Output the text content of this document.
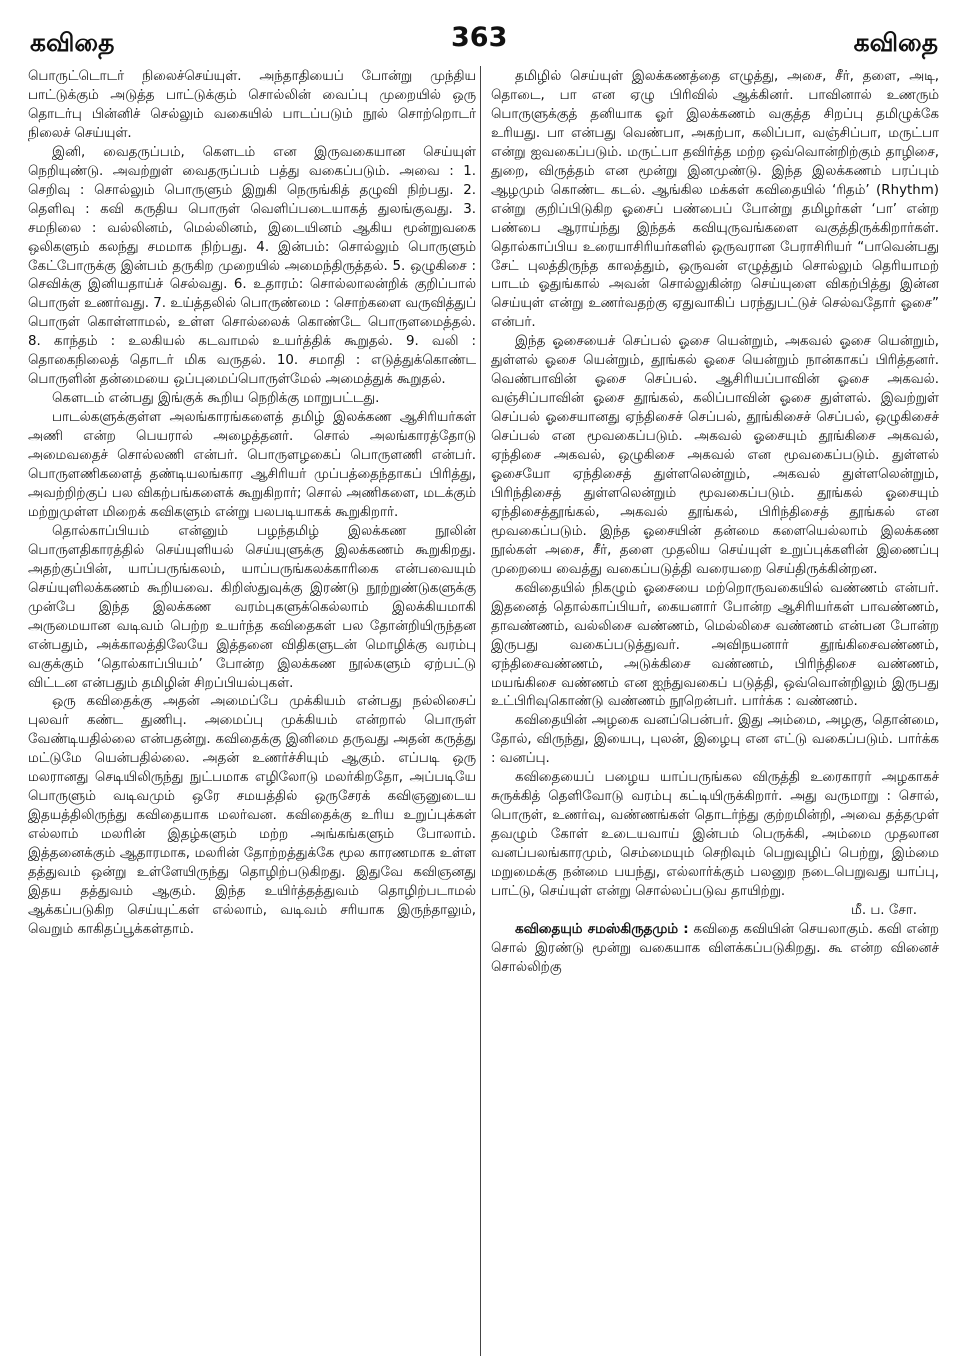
கவிதை	363	கவிதை

பொருட்டொடர் நிலைச்செய்யுள். அந்தாதியைப் போன்று முந்திய பாட்டுக்கும் அடுத்த பாட்டுக்கும் சொல்லின் வைப்பு முறையில் ஒரு தொடர்பு பின்னிச் செல்லும் வகையில் பாடப்படும் நூல் சொற்றொடர் நிலைச் செய்யுள்.

இனி, வைதருப்பம், கௌடம் என இருவகையான செய்யுள் நெறியுண்டு. அவற்றுள் வைதருப்பம் பத்து வகைப்படும். அவை : 1. செறிவு : சொல்லும் பொருளும் இறுகி நெருங்கித் தழுவி நிற்பது. 2. தெளிவு : கவி கருதிய பொருள் வெளிப்படையாகத் துலங்குவது. 3. சமநிலை : வல்லினம், மெல்லினம், இடையினம் ஆகிய மூன்றுவகை ஒலிகளும் கலந்து சமமாக நிற்பது. 4. இன்பம்: சொல்லும் பொருளும் கேட்போருக்கு இன்பம் தருகிற முறையில் அமைந்திருத்தல். 5. ஒழுகிசை : செவிக்கு இனியதாய்ச் செல்வது. 6. உதாரம்: சொல்லாலன்றிக் குறிப்பால் பொருள் உணர்வது. 7. உய்த்தலில் பொருண்மை : சொற்களை வருவித்துப் பொருள் கொள்ளாமல், உள்ள சொல்லைக் கொண்டே பொருளமைத்தல். 8. காந்தம் : உலகியல் கடவாமல் உயர்த்திக் கூறுதல். 9. வலி : தொகைநிலைத் தொடர் மிக வருதல். 10. சமாதி : எடுத்துக்கொண்ட பொருளின் தன்மையை ஒப்புமைப்பொருள்மேல் அமைத்துக் கூறுதல்.

கௌடம் என்பது இங்குக் கூறிய நெறிக்கு மாறுபட்டது.

பாடல்களுக்குள்ள அலங்காரங்களைத் தமிழ் இலக்கண ஆசிரியர்கள் அணி என்ற பெயரால் அழைத்தனர். சொல் அலங்காரத்தோடு அமைவதைச் சொல்லணி என்பர். பொருளழகைப் பொருளணி என்பர். பொருளணிகளைத் தண்டியலங்கார ஆசிரியர் முப்பத்தைந்தாகப் பிரித்து, அவற்றிற்குப் பல விகற்பங்களைக் கூறுகிறார்; சொல் அணிகளை, மடக்கும் மற்றுமுள்ள மிறைக் கவிகளும் என்று பலபடியாகக் கூறுகிறார்.

தொல்காப்பியம் என்னும் பழந்தமிழ் இலக்கண நூலின் பொருளதிகாரத்தில் செய்யுளியல் செய்யுளுக்கு இலக்கணம் கூறுகிறது. அதற்குப்பின், யாப்பருங்கலம், யாப்பருங்கலக்காரிகை என்பவையும் செய்யுளிலக்கணம் கூறியவை. கிறிஸ்துவுக்கு இரண்டு நூற்றுண்டுகளுக்கு முன்பே இந்த இலக்கண வரம்புகளுக்கெல்லாம் இலக்கியமாகி அருமையான வடிவம் பெற்ற உயர்ந்த கவிதைகள் பல தோன்றியிருந்தன என்பதும், அக்காலத்திலேயே இத்தனை விதிகளுடன் மொழிக்கு வரம்பு வகுக்கும் ‘தொல்காப்பியம்’ போன்ற இலக்கண நூல்களும் ஏற்பட்டு விட்டன என்பதும் தமிழின் சிறப்பியல்புகள்.

ஒரு கவிதைக்கு அதன் அமைப்பே முக்கியம் என்பது நல்லிசைப் புலவர் கண்ட துணிபு. அமைப்பு முக்கியம் என்றால் பொருள் வேண்டியதில்லை என்பதன்று. கவிதைக்கு இனிமை தருவது அதன் கருத்து மட்டுமே யென்பதில்லை. அதன் உணர்ச்சியும் ஆகும். எப்படி ஒரு மலரானது செடியிலிருந்து நுட்பமாக எழிலோடு மலர்கிறதோ, அப்படியே பொருளும் வடிவமும் ஒரே சமயத்தில் ஒருசேரக் கவிஞனுடைய இதயத்திலிருந்து கவிதையாக மலர்வன. கவிதைக்கு உரிய உறுப்புக்கள் எல்லாம் மலரின் இதழ்களும் மற்ற அங்கங்களும் போலாம். இத்தனைக்கும் ஆதாரமாக, மலரின் தோற்றத்துக்கே மூல காரணமாக உள்ள தத்துவம் ஒன்று உள்ளேயிருந்து தொழிற்படுகிறது. இதுவே கவிஞனது இதய தத்துவம் ஆகும். இந்த உயிர்த்தத்துவம் தொழிற்படாமல் ஆக்கப்படுகிற செய்யுட்கள் எல்லாம், வடிவம் சரியாக இருந்தாலும், வெறும் காகிதப்பூக்கள்தாம்.

தமிழில் செய்யுள் இலக்கணத்தை எழுத்து, அசை, சீர், தளை, அடி, தொடை, பா என ஏழு பிரிவில் ஆக்கினர். பாவினால் உணரும் பொருளுக்குத் தனியாக ஓர் இலக்கணம் வகுத்த சிறப்பு தமிழுக்கே உரியது. பா என்பது வெண்பா, அகற்பா, கலிப்பா, வஞ்சிப்பா, மருட்பா என்று ஐவகைப்படும். மருட்பா தவிர்த்த மற்ற ஒவ்வொன்றிற்கும் தாழிசை, துறை, விருத்தம் என மூன்று இனமுண்டு. இந்த இலக்கணம் பரப்பும் ஆழமும் கொண்ட கடல். ஆங்கில மக்கள் கவிதையில் ‘ரிதம்’ (Rhythm) என்று குறிப்பிடுகிற ஓசைப் பண்பைப் போன்று தமிழர்கள் ‘பா’ என்ற பண்பை ஆராய்ந்து இந்தக் கவியுருவங்களை வகுத்திருக்கிறார்கள். தொல்காப்பிய உரையாசிரியர்களில் ஒருவரான பேராசிரியர் “பாவென்பது சேட் புலத்திருந்த காலத்தும், ஒருவன் எழுத்தும் சொல்லும் தெரியாமற் பாடம் ஓதுங்கால் அவன் சொல்லுகின்ற செய்யுளை விகற்பித்து இன்ன செய்யுள் என்று உணர்வதற்கு ஏதுவாகிப் பரந்துபட்டுச் செல்வதோர் ஓசை” என்பர்.

இந்த ஓசையைச் செப்பல் ஓசை யென்றும், அகவல் ஓசை யென்றும், துள்ளல் ஓசை யென்றும், தூங்கல் ஓசை யென்றும் நான்காகப் பிரித்தனர். வெண்பாவின் ஓசை செப்பல். ஆசிரியப்பாவின் ஓசை அகவல். வஞ்சிப்பாவின் ஓசை தூங்கல், கலிப்பாவின் ஓசை துள்ளல். இவற்றுள் செப்பல் ஓசையானது ஏந்திசைச் செப்பல், தூங்கிசைச் செப்பல், ஒழுகிசைச் செப்பல் என மூவகைப்படும். அகவல் ஓசையும் தூங்கிசை அகவல், ஏந்திசை அகவல், ஒழுகிசை அகவல் என மூவகைப்படும். துள்ளல் ஓசையோ ஏந்திசைத் துள்ளலென்றும், அகவல் துள்ளலென்றும், பிரிந்திசைத் துள்ளலென்றும் மூவகைப்படும். தூங்கல் ஓசையும் ஏந்திசைத்தூங்கல், அகவல் தூங்கல், பிரிந்திசைத் தூங்கல் என மூவகைப்படும். இந்த ஓசையின் தன்மை களையெல்லாம் இலக்கண நூல்கள் அசை, சீர், தளை முதலிய செய்யுள் உறுப்புக்களின் இணைப்பு முறையை வைத்து வகைப்படுத்தி வரையறை செய்திருக்கின்றன.

கவிதையில் நிகழும் ஓசையை மற்றொருவகையில் வண்ணம் என்பர். இதனைத் தொல்காப்பியர், கையனார் போன்ற ஆசிரியர்கள் பாவண்ணம், தாவண்ணம், வல்லிசை வண்ணம், மெல்லிசை வண்ணம் என்பன போன்ற இருபது வகைப்படுத்துவர். அவிநயனார் தூங்கிசைவண்ணம், ஏந்திசைவண்ணம், அடுக்கிசை வண்ணம், பிரிந்திசை வண்ணம், மயங்கிசை வண்ணம் என ஐந்துவகைப் படுத்தி, ஒவ்வொன்றிலும் இருபது உட்பிரிவுகொண்டு வண்ணம் நூறென்பர். பார்க்க : வண்ணம்.

கவிதையின் அழகை வனப்பென்பர். இது அம்மை, அழகு, தொன்மை, தோல், விருந்து, இயைபு, புலன், இழைபு என எட்டு வகைப்படும். பார்க்க : வனப்பு.

கவிதையைப் பழைய யாப்பருங்கல விருத்தி உரைகாரர் அழகாகச் சுருக்கித் தெளிவோடு வரம்பு கட்டியிருக்கிறார். அது வருமாறு : சொல், பொருள், உணர்வு, வண்ணங்கள் தொடர்ந்து குற்றமின்றி, அவை தத்தமுள் தவழும் கோள் உடையவாய் இன்பம் பெருக்கி, அம்மை முதலான வனப்பலங்காரமும், செம்மையும் செறிவும் பெறுவுழிப் பெற்று, இம்மை மறுமைக்கு நன்மை பயந்து, எல்லார்க்கும் பலனுற நடைபெறுவது யாப்பு, பாட்டு, செய்யுள் என்று சொல்லப்படுவ தாயிற்று.

மீ. ப. சோ.

கவிதையும் சமஸ்கிருதமும் : கவிதை கவியின் செயலாகும். கவி என்ற சொல் இரண்டு மூன்று வகையாக விளக்கப்படுகிறது. கூ என்ற வினைச் சொல்லிற்கு
